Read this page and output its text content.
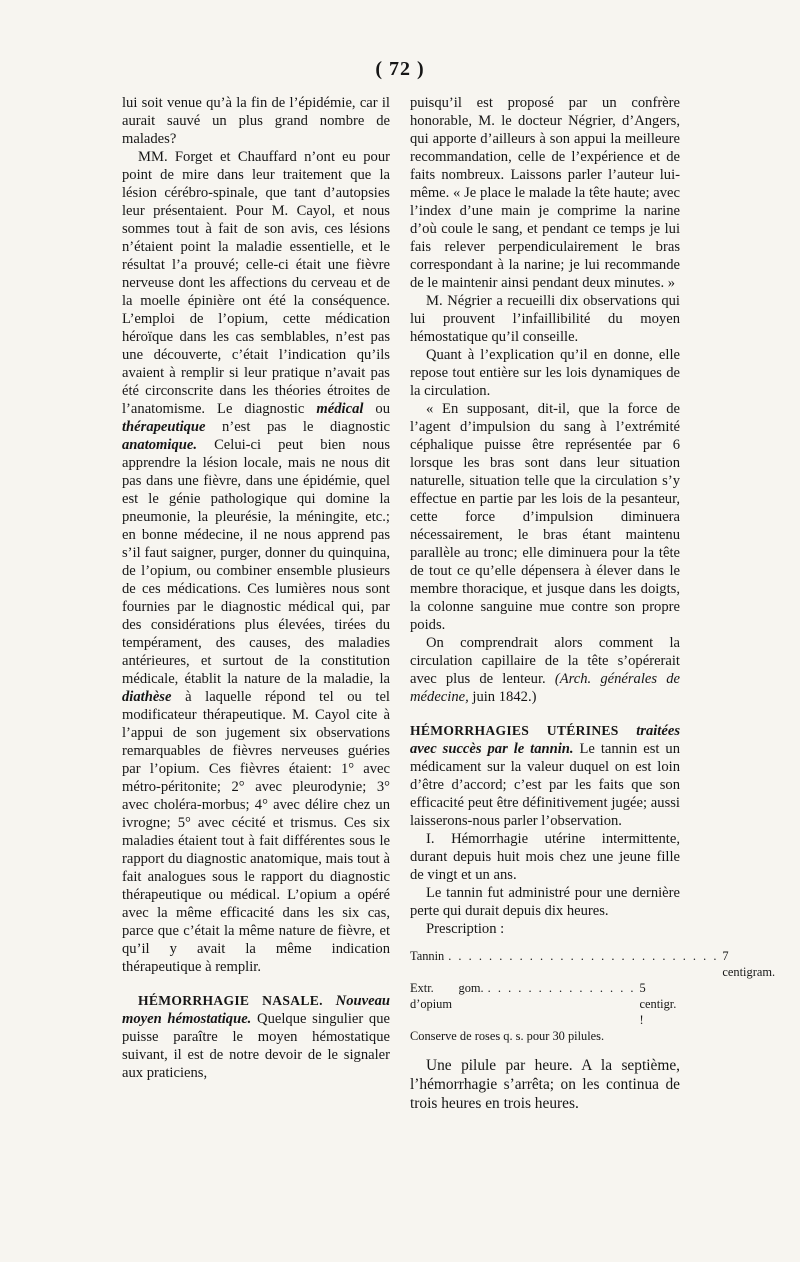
( 72 )

lui soit venue qu’à la fin de l’épidémie, car il aurait sauvé un plus grand nombre de malades?

MM. Forget et Chauffard n’ont eu pour point de mire dans leur traitement que la lésion cérébro-spinale, que tant d’autopsies leur présentaient. Pour M. Cayol, et nous sommes tout à fait de son avis, ces lésions n’étaient point la maladie essentielle, et le résultat l’a prouvé; celle-ci était une fièvre nerveuse dont les affections du cerveau et de la moelle épinière ont été la conséquence. L’emploi de l’opium, cette médication héroïque dans les cas semblables, n’est pas une découverte, c’était l’indication qu’ils avaient à remplir si leur pratique n’avait pas été circonscrite dans les théories étroites de l’anatomisme. Le diagnostic médical ou thérapeutique n’est pas le diagnostic anatomique. Celui-ci peut bien nous apprendre la lésion locale, mais ne nous dit pas dans une fièvre, dans une épidémie, quel est le génie pathologique qui domine la pneumonie, la pleurésie, la méningite, etc.; en bonne médecine, il ne nous apprend pas s’il faut saigner, purger, donner du quinquina, de l’opium, ou combiner ensemble plusieurs de ces médications. Ces lumières nous sont fournies par le diagnostic médical qui, par des considérations plus élevées, tirées du tempérament, des causes, des maladies antérieures, et surtout de la constitution médicale, établit la nature de la maladie, la diathèse à laquelle répond tel ou tel modificateur thérapeutique. M. Cayol cite à l’appui de son jugement six observations remarquables de fièvres nerveuses guéries par l’opium. Ces fièvres étaient: 1° avec métro-péritonite; 2° avec pleurodynie; 3° avec choléra-morbus; 4° avec délire chez un ivrogne; 5° avec cécité et trismus. Ces six maladies étaient tout à fait différentes sous le rapport du diagnostic anatomique, mais tout à fait analogues sous le rapport du diagnostic thérapeutique ou médical. L’opium a opéré avec la même efficacité dans les six cas, parce que c’était la même nature de fièvre, et qu’il y avait la même indication thérapeutique à remplir.

HÉMORRHAGIE NASALE. Nouveau moyen hémostatique. Quelque singulier que puisse paraître le moyen hémostatique suivant, il est de notre devoir de le signaler aux praticiens,

puisqu’il est proposé par un confrère honorable, M. le docteur Négrier, d’Angers, qui apporte d’ailleurs à son appui la meilleure recommandation, celle de l’expérience et de faits nombreux. Laissons parler l’auteur lui-même. « Je place le malade la tête haute; avec l’index d’une main je comprime la narine d’où coule le sang, et pendant ce temps je lui fais relever perpendiculairement le bras correspondant à la narine; je lui recommande de le maintenir ainsi pendant deux minutes. »

M. Négrier a recueilli dix observations qui lui prouvent l’infaillibilité du moyen hémostatique qu’il conseille.

Quant à l’explication qu’il en donne, elle repose tout entière sur les lois dynamiques de la circulation.

« En supposant, dit-il, que la force de l’agent d’impulsion du sang à l’extrémité céphalique puisse être représentée par 6 lorsque les bras sont dans leur situation naturelle, situation telle que la circulation s’y effectue en partie par les lois de la pesanteur, cette force d’impulsion diminuera nécessairement, le bras étant maintenu parallèle au tronc; elle diminuera pour la tête de tout ce qu’elle dépensera à élever dans le membre thoracique, et jusque dans les doigts, la colonne sanguine mue contre son propre poids.

On comprendrait alors comment la circulation capillaire de la tête s’opérerait avec plus de lenteur. (Arch. générales de médecine, juin 1842.)

HÉMORRHAGIES UTÉRINES traitées avec succès par le tannin. Le tannin est un médicament sur la valeur duquel on est loin d’être d’accord; c’est par les faits que son efficacité peut être définitivement jugée; aussi laisserons-nous parler l’observation.

I. Hémorrhagie utérine intermittente, durant depuis huit mois chez une jeune fille de vingt et un ans.

Le tannin fut administré pour une dernière perte qui durait depuis dix heures.

Prescription :

Tannin . . . . . . . . . . . . . . . . . . . . . . . . . . . 7 centigram.
Extr. gom. d’opium
. . . . . . . . . . . . . . . 5 centigr. !
Conserve de roses q. s. pour 30 pilules.

Une pilule par heure. A la septième, l’hémorrhagie s’arrêta; on les continua de trois heures en trois heures.
